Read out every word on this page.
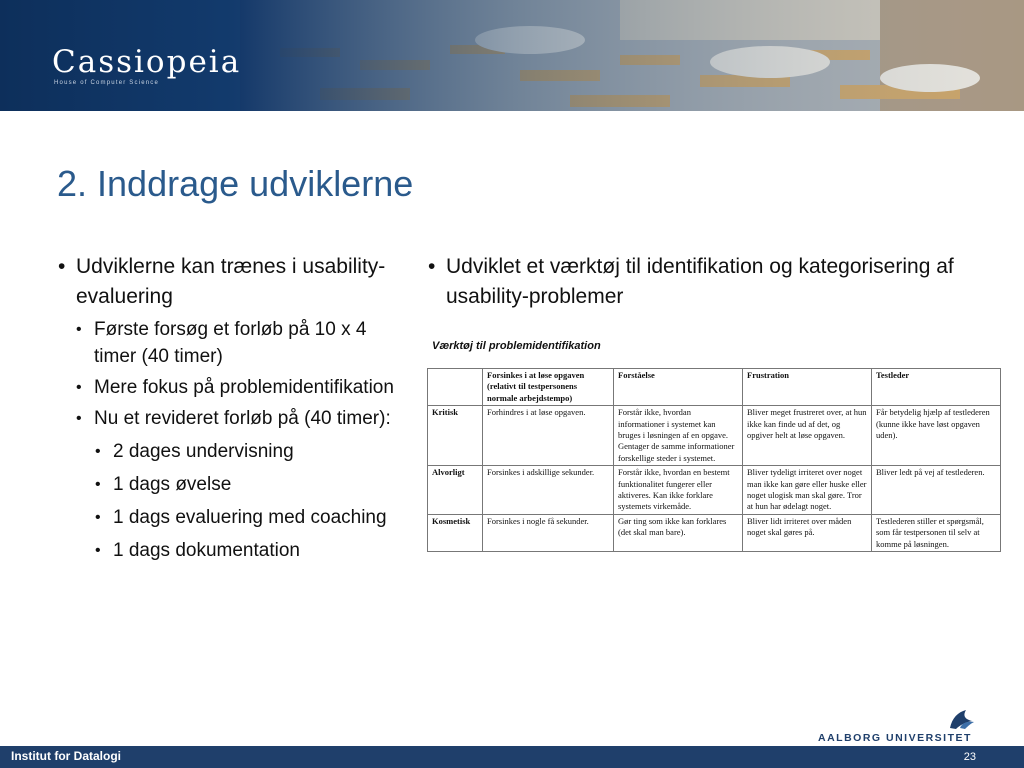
Cassiopeia
House of Computer Science
2. Inddrage udviklerne
• Udviklerne kan trænes i usability-evaluering
• Første forsøg et forløb på 10 x 4 timer (40 timer)
• Mere fokus på problemidentifikation
• Nu et revideret forløb på (40 timer):
• 2 dages undervisning
• 1 dags øvelse
• 1 dags evaluering med coaching
• 1 dags dokumentation
• Udviklet et værktøj til identifikation og kategorisering af usability-problemer
Værktøj til problemidentifikation
	Forsinkes i at løse opgaven (relativt til testpersonens normale arbejdstempo)	Forståelse	Frustration	Testleder
Kritisk	Forhindres i at løse opgaven.	Forstår ikke, hvordan informationer i systemet kan bruges i løsningen af en opgave. Gentager de samme informationer forskellige steder i systemet.	Bliver meget frustreret over, at hun ikke kan finde ud af det, og opgiver helt at løse opgaven.	Får betydelig hjælp af testlederen (kunne ikke have løst opgaven uden).
Alvorligt	Forsinkes i adskillige sekunder.	Forstår ikke, hvordan en bestemt funktionalitet fungerer eller aktiveres. Kan ikke forklare systemets virkemåde.	Bliver tydeligt irriteret over noget man ikke kan gøre eller huske eller noget ulogisk man skal gøre. Tror at hun har ødelagt noget.	Bliver ledt på vej af testlederen.
Kosmetisk	Forsinkes i nogle få sekunder.	Gør ting som ikke kan forklares (det skal man bare).	Bliver lidt irriteret over måden noget skal gøres på.	Testlederen stiller et spørgsmål, som får testpersonen til selv at komme på løsningen.
AALBORG UNIVERSITET
Institut for Datalogi	23
